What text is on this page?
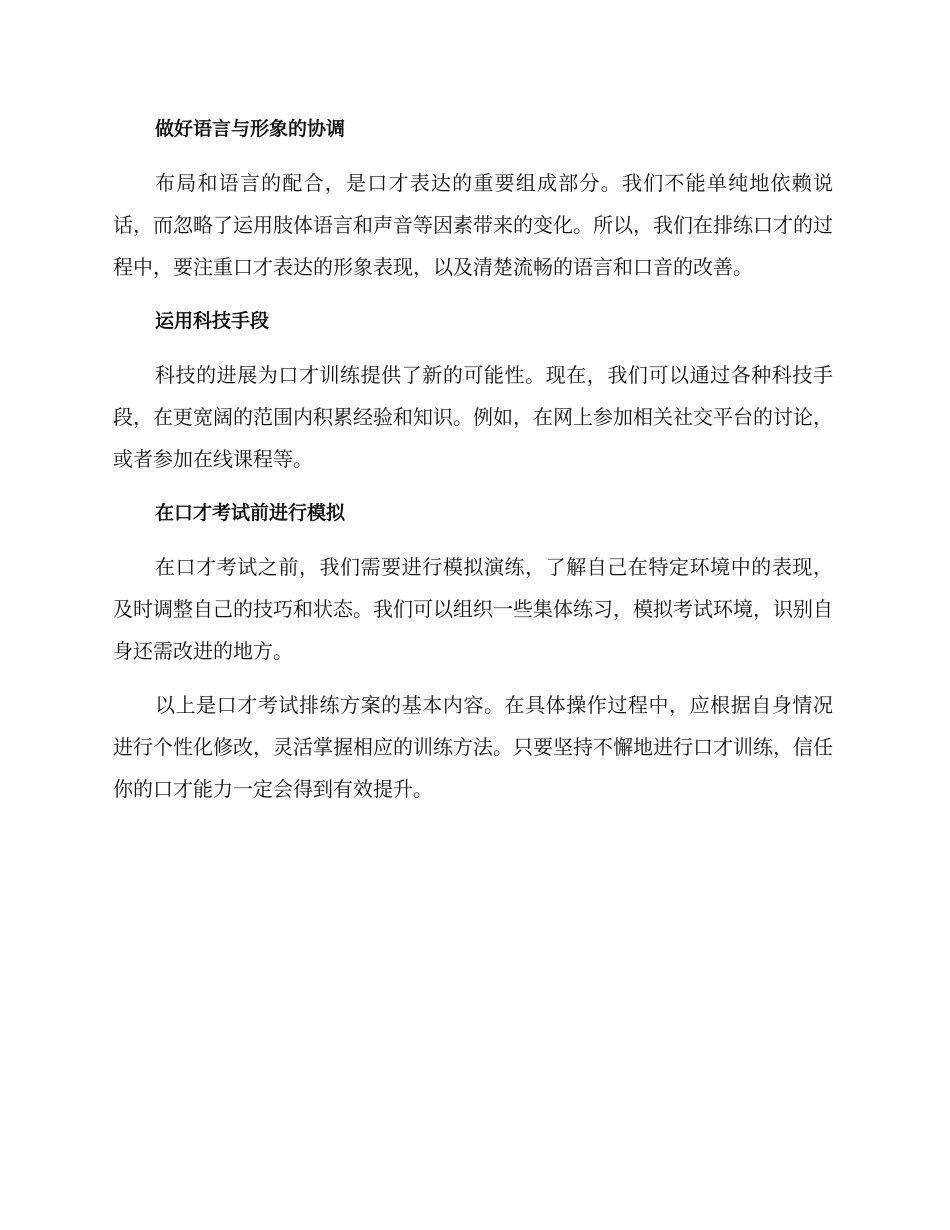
做好语言与形象的协调

布局和语言的配合，是口才表达的重要组成部分。我们不能单纯地依赖说话，而忽略了运用肢体语言和声音等因素带来的变化。所以，我们在排练口才的过程中，要注重口才表达的形象表现，以及清楚流畅的语言和口音的改善。

运用科技手段

科技的进展为口才训练提供了新的可能性。现在，我们可以通过各种科技手段，在更宽阔的范围内积累经验和知识。例如，在网上参加相关社交平台的讨论，或者参加在线课程等。

在口才考试前进行模拟

在口才考试之前，我们需要进行模拟演练，了解自己在特定环境中的表现，及时调整自己的技巧和状态。我们可以组织一些集体练习，模拟考试环境，识别自身还需改进的地方。

以上是口才考试排练方案的基本内容。在具体操作过程中，应根据自身情况进行个性化修改，灵活掌握相应的训练方法。只要坚持不懈地进行口才训练，信任你的口才能力一定会得到有效提升。
